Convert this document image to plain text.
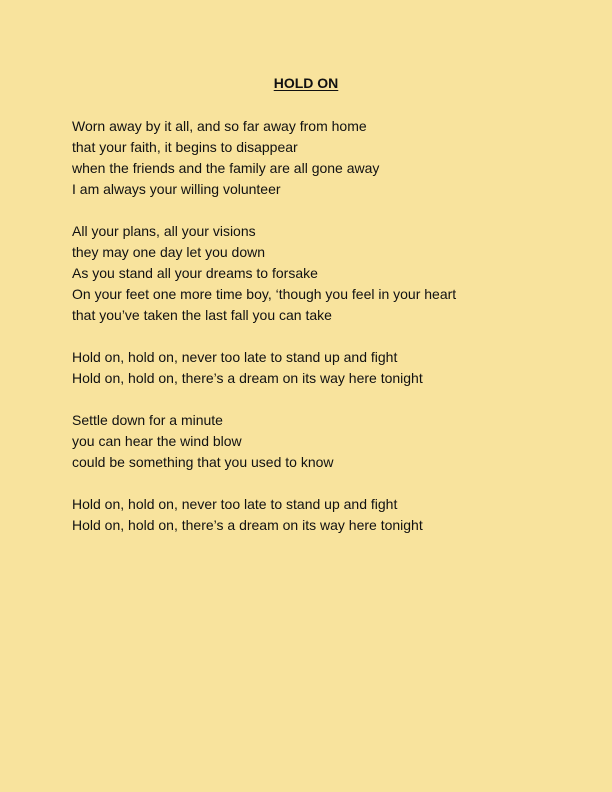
HOLD ON
Worn away by it all, and so far away from home
that your faith, it begins to disappear
when the friends and the family are all gone away
I am always your willing volunteer
All your plans, all your visions
they may one day let you down
As you stand all your dreams to forsake
On your feet one more time boy, ‘though you feel in your heart
that you’ve taken the last fall you can take
Hold on, hold on, never too late to stand up and fight
Hold on, hold on, there’s a dream on its way here tonight
Settle down for a minute
you can hear the wind blow
could be something that you used to know
Hold on, hold on, never too late to stand up and fight
Hold on, hold on, there’s a dream on its way here tonight
